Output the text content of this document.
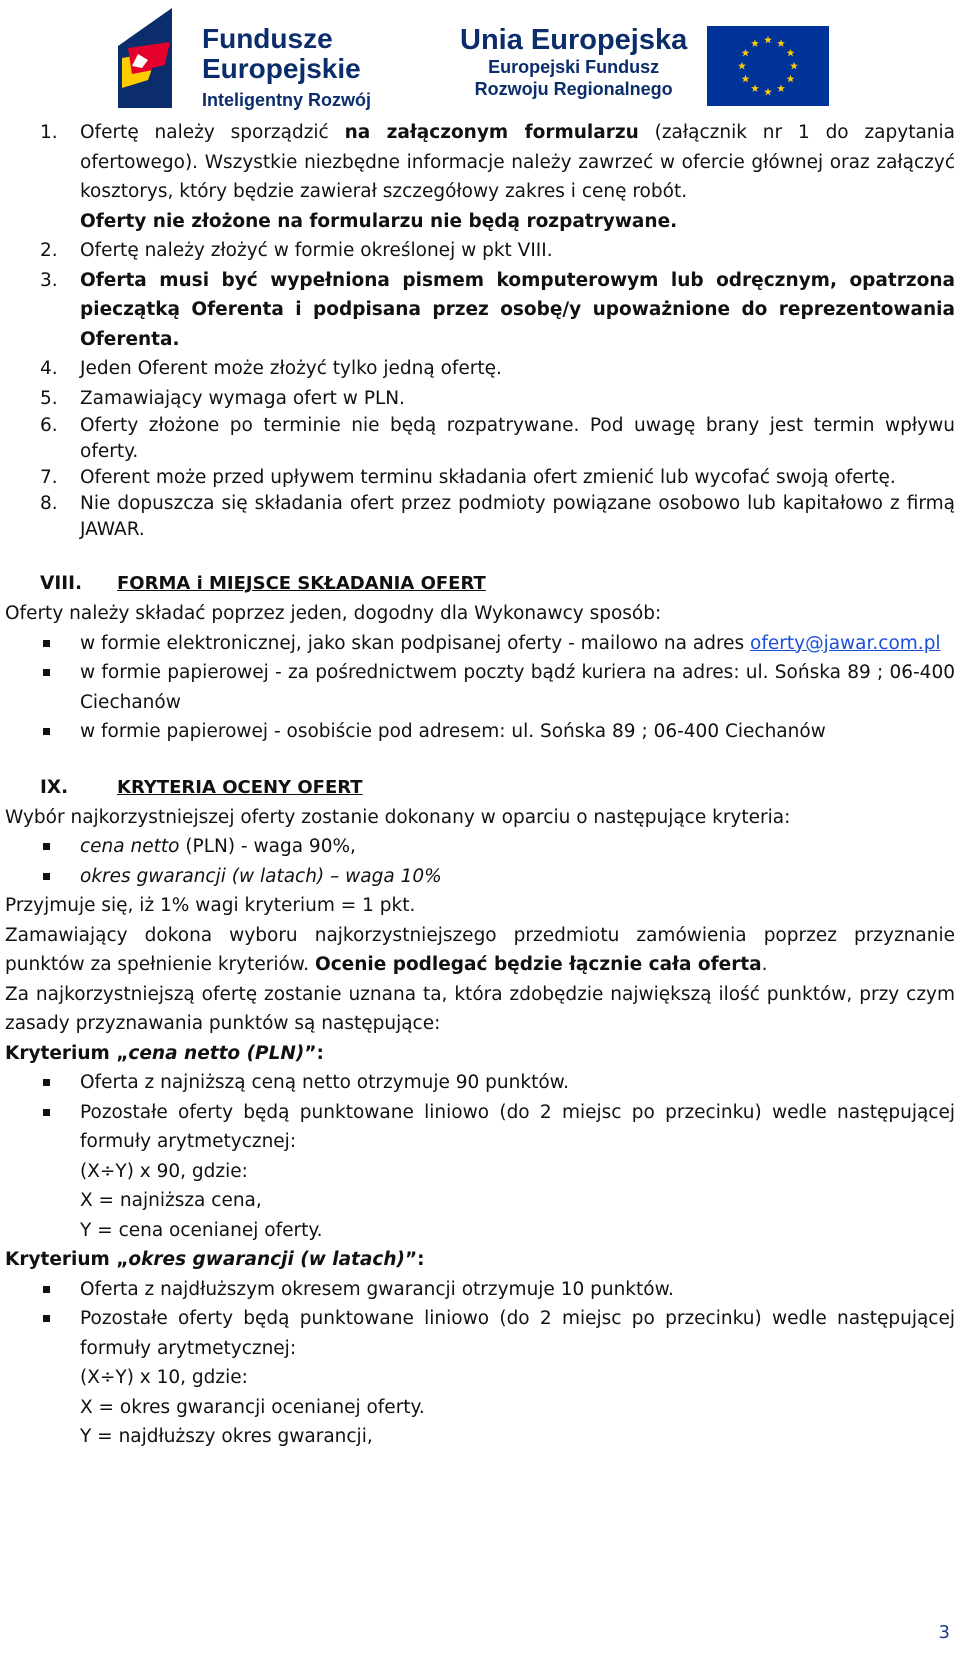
Fundusze
Europejskie
Inteligentny Rozwój
Unia Europejska
Europejski Fundusz
Rozwoju Regionalnego
1. Ofertę należy sporządzić na załączonym formularzu (załącznik nr 1 do zapytania ofertowego). Wszystkie niezbędne informacje należy zawrzeć w ofercie głównej oraz załączyć kosztorys, który będzie zawierał szczegółowy zakres i cenę robót.
Oferty nie złożone na formularzu nie będą rozpatrywane.
2. Ofertę należy złożyć w formie określonej w pkt VIII.
3. Oferta musi być wypełniona pismem komputerowym lub odręcznym, opatrzona pieczątką Oferenta i podpisana przez osobę/y upoważnione do reprezentowania Oferenta.
4. Jeden Oferent może złożyć tylko jedną ofertę.
5. Zamawiający wymaga ofert w PLN.
6. Oferty złożone po terminie nie będą rozpatrywane. Pod uwagę brany jest termin wpływu oferty.
7. Oferent może przed upływem terminu składania ofert zmienić lub wycofać swoją ofertę.
8. Nie dopuszcza się składania ofert przez podmioty powiązane osobowo lub kapitałowo z firmą JAWAR.
VIII. FORMA i MIEJSCE SKŁADANIA OFERT
Oferty należy składać poprzez jeden, dogodny dla Wykonawcy sposób:
w formie elektronicznej, jako skan podpisanej oferty - mailowo na adres oferty@jawar.com.pl
w formie papierowej - za pośrednictwem poczty bądź kuriera na adres: ul. Sońska 89 ; 06-400 Ciechanów
w formie papierowej - osobiście pod adresem: ul. Sońska 89 ; 06-400 Ciechanów
IX.	KRYTERIA OCENY OFERT
Wybór najkorzystniejszej oferty zostanie dokonany w oparciu o następujące kryteria:
cena netto (PLN) - waga 90%,
okres gwarancji (w latach) – waga 10%
Przyjmuje się, iż 1% wagi kryterium = 1 pkt.
Zamawiający dokona wyboru najkorzystniejszego przedmiotu zamówienia poprzez przyznanie punktów za spełnienie kryteriów. Ocenie podlegać będzie łącznie cała oferta.
Za najkorzystniejszą ofertę zostanie uznana ta, która zdobędzie największą ilość punktów, przy czym zasady przyznawania punktów są następujące:
Kryterium „cena netto (PLN)”:
Oferta z najniższą ceną netto otrzymuje 90 punktów.
Pozostałe oferty będą punktowane liniowo (do 2 miejsc po przecinku) wedle następującej formuły arytmetycznej:
(X÷Y) x 90, gdzie:
X = najniższa cena,
Y = cena ocenianej oferty.
Kryterium „okres gwarancji (w latach)”:
Oferta z najdłuższym okresem gwarancji otrzymuje 10 punktów.
Pozostałe oferty będą punktowane liniowo (do 2 miejsc po przecinku) wedle następującej formuły arytmetycznej:
(X÷Y) x 10, gdzie:
X = okres gwarancji ocenianej oferty.
Y = najdłuższy okres gwarancji,
3
